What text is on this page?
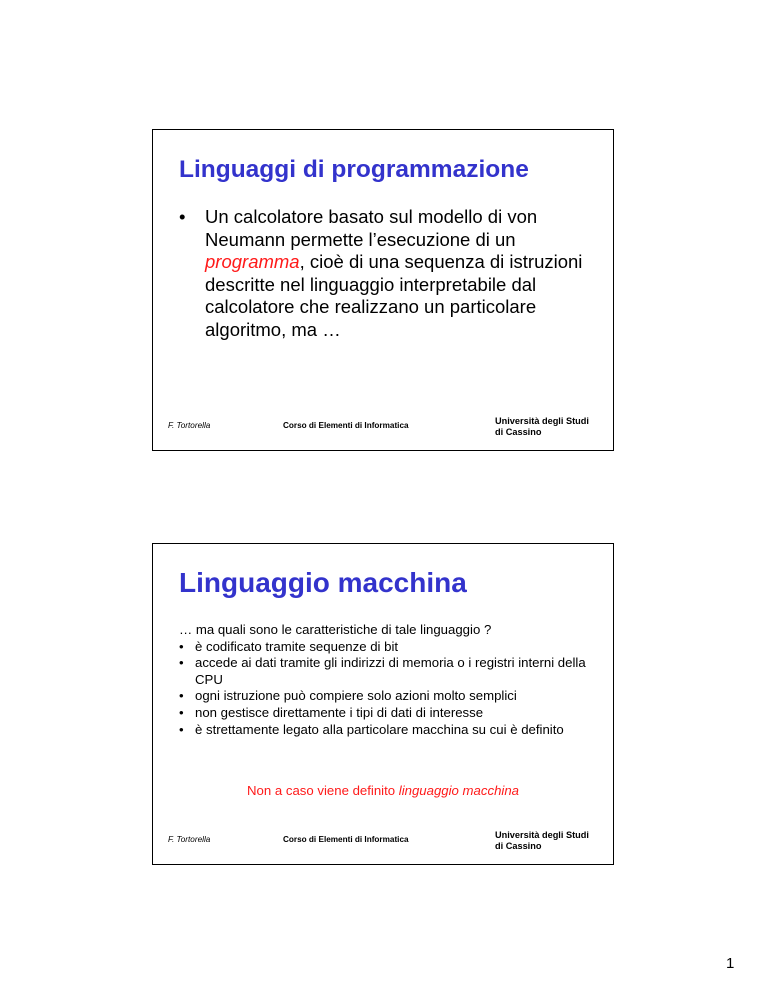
Linguaggi di programmazione
•	Un calcolatore basato sul modello di von Neumann permette l’esecuzione di un programma, cioè di una sequenza di istruzioni descritte nel linguaggio interpretabile dal calcolatore che realizzano un particolare algoritmo, ma …
F. Tortorella	Corso di Elementi di Informatica	Università degli Studi
di Cassino
Linguaggio macchina

… ma quali sono le caratteristiche di tale linguaggio ?

• è codificato tramite sequenze di bit
• accede ai dati tramite gli indirizzi di memoria o i registri interni della CPU
• ogni istruzione può compiere solo azioni molto semplici
• non gestisce direttamente i tipi di dati di interesse
• è strettamente legato alla particolare macchina su cui è definito
Non a caso viene definito linguaggio macchina
F. Tortorella	Corso di Elementi di Informatica	Università degli Studi
di Cassino
1
